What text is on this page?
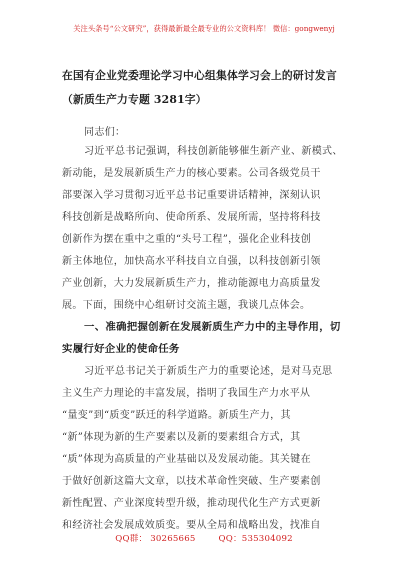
关注头条号“公文研究”，获得最新最全最专业的公文资料库！ 微信：gongwenyj
在国有企业党委理论学习中心组集体学习会上的研讨发言
（新质生产力专题 3281字）
同志们：
习近平总书记强调，科技创新能够催生新产业、新模式、
新动能，是发展新质生产力的核心要素。公司各级党员干
部要深入学习贯彻习近平总书记重要讲话精神，深刻认识
科技创新是战略所向、使命所系、发展所需，坚持将科技
创新作为摆在重中之重的“头号工程”，强化企业科技创
新主体地位，加快高水平科技自立自强，以科技创新引领
产业创新，大力发展新质生产力，推动能源电力高质量发
展。下面，围绕中心组研讨交流主题，我谈几点体会。
一、准确把握创新在发展新质生产力中的主导作用，切
实履行好企业的使命任务
习近平总书记关于新质生产力的重要论述，是对马克思
主义生产力理论的丰富发展，指明了我国生产力水平从
“量变”到“质变”跃迁的科学道路。新质生产力，其
“新”体现为新的生产要素以及新的要素组合方式，其
“质”体现为高质量的产业基础以及发展动能。其关键在
于做好创新这篇大文章，以技术革命性突破、生产要素创
新性配置、产业深度转型升级，推动现代化生产方式更新
和经济社会发展成效质变。要从全局和战略出发，找准自
QQ群： 30265665	QQ：535304092
